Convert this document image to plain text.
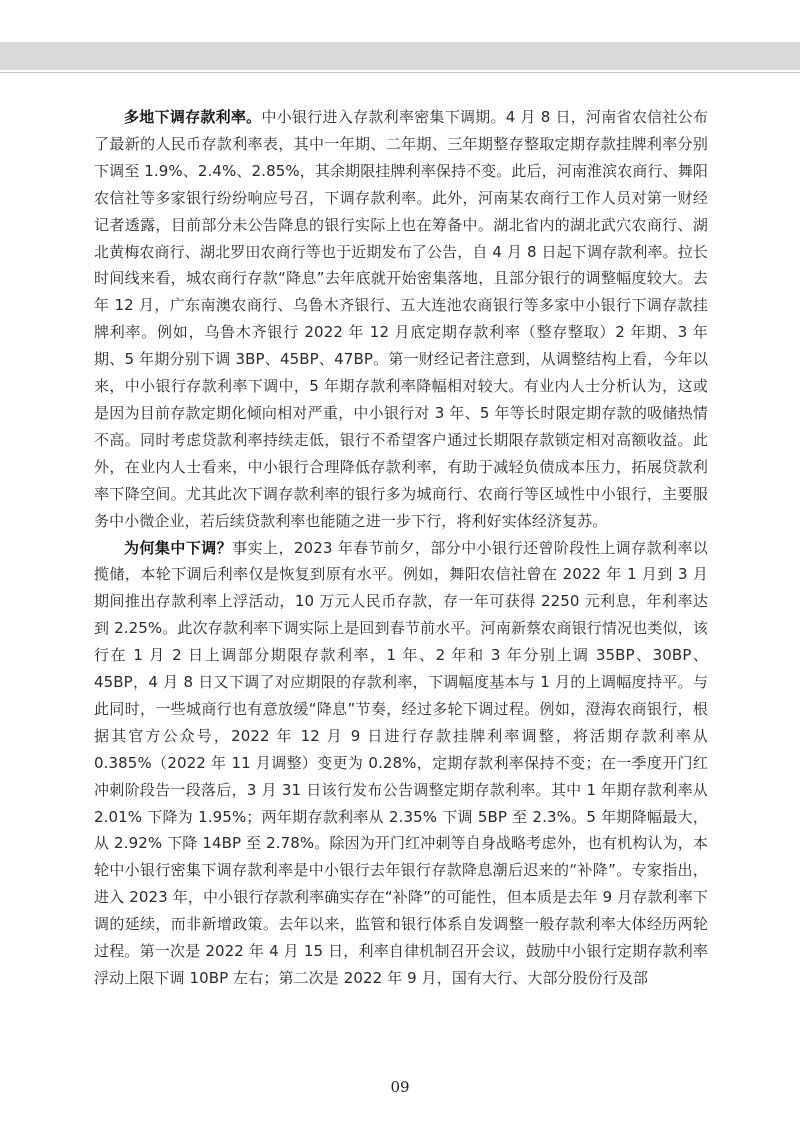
CHINESE CHAMBER OF COMMERCE INFORMATION

多地下调存款利率。中小银行进入存款利率密集下调期。4 月 8 日，河南省农信社公布了最新的人民币存款利率表，其中一年期、二年期、三年期整存整取定期存款挂牌利率分别下调至 1.9%、2.4%、2.85%，其余期限挂牌利率保持不变。此后，河南淮滨农商行、舞阳农信社等多家银行纷纷响应号召，下调存款利率。此外，河南某农商行工作人员对第一财经记者透露，目前部分未公告降息的银行实际上也在筹备中。湖北省内的湖北武穴农商行、湖北黄梅农商行、湖北罗田农商行等也于近期发布了公告，自 4 月 8 日起下调存款利率。拉长时间线来看，城农商行存款“降息”去年底就开始密集落地，且部分银行的调整幅度较大。去年 12 月，广东南澳农商行、乌鲁木齐银行、五大连池农商银行等多家中小银行下调存款挂牌利率。例如，乌鲁木齐银行 2022 年 12 月底定期存款利率（整存整取）2 年期、3 年期、5 年期分别下调 3BP、45BP、47BP。第一财经记者注意到，从调整结构上看，今年以来，中小银行存款利率下调中，5 年期存款利率降幅相对较大。有业内人士分析认为，这或是因为目前存款定期化倾向相对严重，中小银行对 3 年、5 年等长时限定期存款的吸储热情不高。同时考虑贷款利率持续走低，银行不希望客户通过长期限存款锁定相对高额收益。此外，在业内人士看来，中小银行合理降低存款利率，有助于减轻负债成本压力，拓展贷款利率下降空间。尤其此次下调存款利率的银行多为城商行、农商行等区域性中小银行，主要服务中小微企业，若后续贷款利率也能随之进一步下行，将利好实体经济复苏。

为何集中下调？事实上，2023 年春节前夕，部分中小银行还曾阶段性上调存款利率以揽储，本轮下调后利率仅是恢复到原有水平。例如，舞阳农信社曾在 2022 年 1 月到 3 月期间推出存款利率上浮活动，10 万元人民币存款，存一年可获得 2250 元利息，年利率达到 2.25%。此次存款利率下调实际上是回到春节前水平。河南新蔡农商银行情况也类似，该行在 1 月 2 日上调部分期限存款利率，1 年、2 年和 3 年分别上调 35BP、30BP、45BP，4 月 8 日又下调了对应期限的存款利率，下调幅度基本与 1 月的上调幅度持平。与此同时，一些城商行也有意放缓“降息”节奏，经过多轮下调过程。例如，澄海农商银行，根据其官方公众号，2022 年 12 月 9 日进行存款挂牌利率调整，将活期存款利率从 0.385%（2022 年 11 月调整）变更为 0.28%，定期存款利率保持不变；在一季度开门红冲刺阶段告一段落后，3 月 31 日该行发布公告调整定期存款利率。其中 1 年期存款利率从 2.01% 下降为 1.95%；两年期存款利率从 2.35% 下调 5BP 至 2.3%。5 年期降幅最大，从 2.92% 下降 14BP 至 2.78%。除因为开门红冲刺等自身战略考虑外，也有机构认为，本轮中小银行密集下调存款利率是中小银行去年银行存款降息潮后迟来的“补降”。专家指出，进入 2023 年，中小银行存款利率确实存在“补降”的可能性，但本质是去年 9 月存款利率下调的延续，而非新增政策。去年以来，监管和银行体系自发调整一般存款利率大体经历两轮过程。第一次是 2022 年 4 月 15 日，利率自律机制召开会议，鼓励中小银行定期存款利率浮动上限下调 10BP 左右；第二次是 2022 年 9 月，国有大行、大部分股份行及部

09
